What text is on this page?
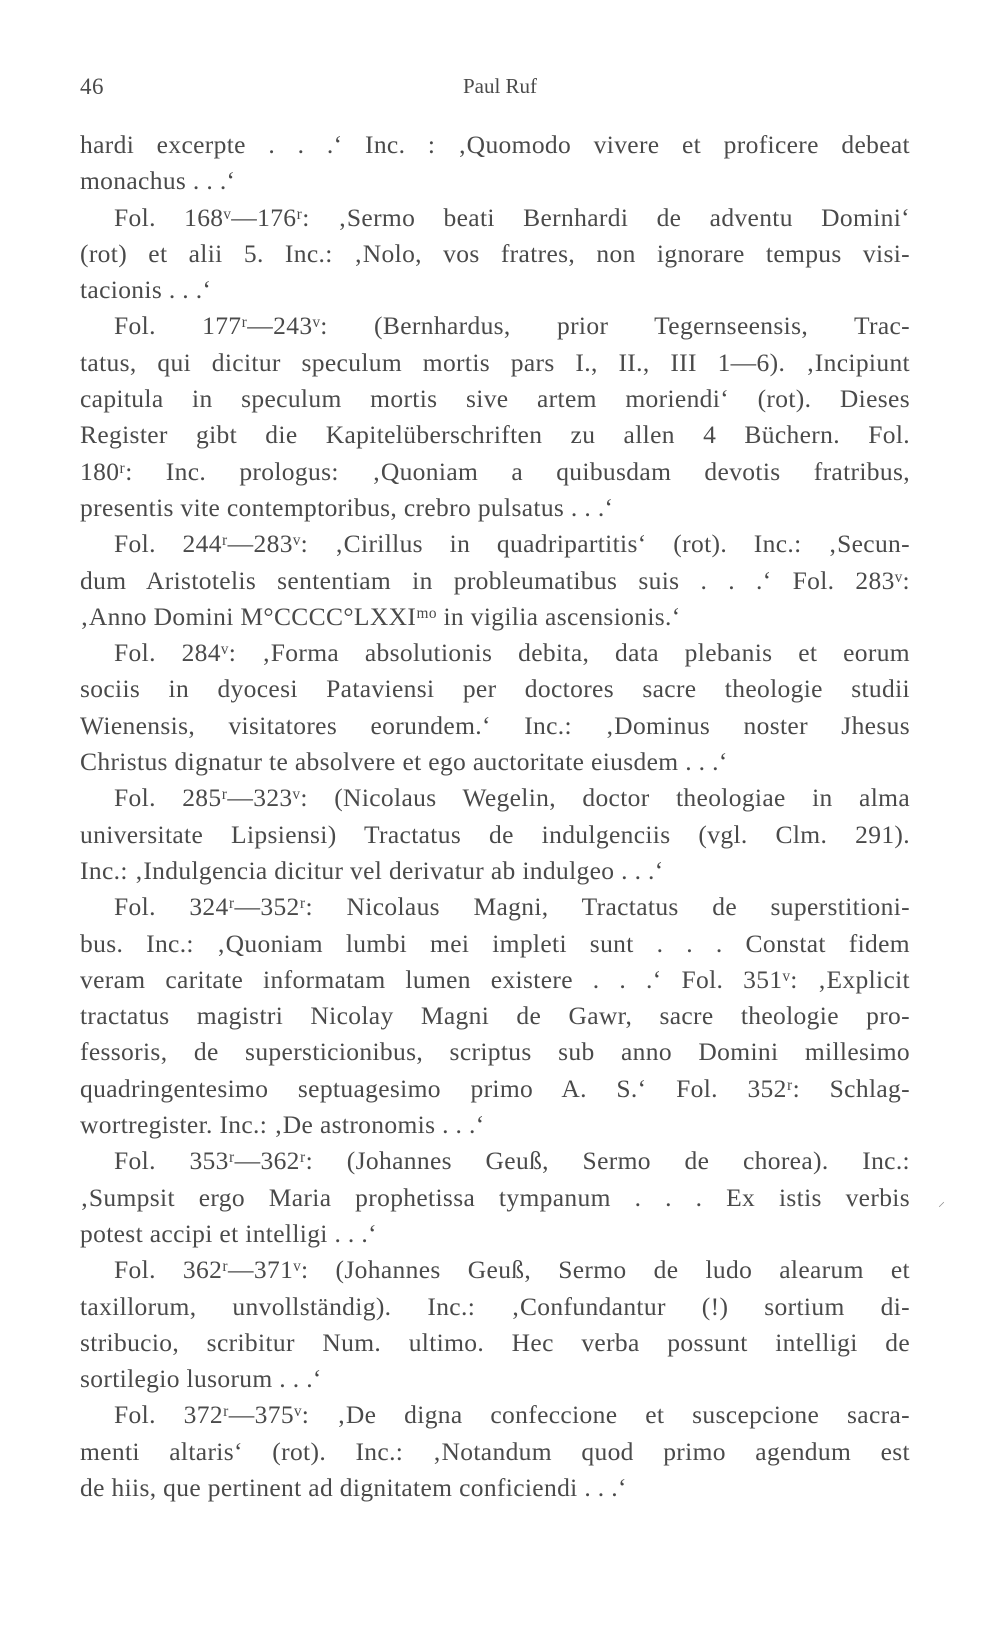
46	Paul Ruf
hardi excerpte . . .‘ Inc. : ‚Quomodo vivere et proficere debeat
monachus . . .‘
Fol. 168ᵛ—176ʳ: ‚Sermo beati Bernhardi de adventu Domini‘
(rot) et alii 5. Inc.: ‚Nolo, vos fratres, non ignorare tempus visi-
tacionis . . .‘
Fol. 177ʳ—243ᵛ: (Bernhardus, prior Tegernseensis, Trac-
tatus, qui dicitur speculum mortis pars I., II., III 1—6). ‚Incipiunt
capitula in speculum mortis sive artem moriendi‘ (rot). Dieses
Register gibt die Kapitelüberschriften zu allen 4 Büchern. Fol.
180ʳ: Inc. prologus: ‚Quoniam a quibusdam devotis fratribus,
presentis vite contemptoribus, crebro pulsatus . . .‘
Fol. 244ʳ—283ᵛ: ‚Cirillus in quadripartitis‘ (rot). Inc.: ‚Secun-
dum Aristotelis sententiam in probleumatibus suis . . .‘ Fol. 283ᵛ:
‚Anno Domini M°CCCC°LXXIᵐᵒ in vigilia ascensionis.‘
Fol. 284ᵛ: ‚Forma absolutionis debita, data plebanis et eorum
sociis in dyocesi Pataviensi per doctores sacre theologie studii
Wienensis, visitatores eorundem.‘ Inc.: ‚Dominus noster Jhesus
Christus dignatur te absolvere et ego auctoritate eiusdem . . .‘
Fol. 285ʳ—323ᵛ: (Nicolaus Wegelin, doctor theologiae in alma
universitate Lipsiensi) Tractatus de indulgenciis (vgl. Clm. 291).
Inc.: ‚Indulgencia dicitur vel derivatur ab indulgeo . . .‘
Fol. 324ʳ—352ʳ: Nicolaus Magni, Tractatus de superstitioni-
bus. Inc.: ‚Quoniam lumbi mei impleti sunt . . . Constat fidem
veram caritate informatam lumen existere . . .‘ Fol. 351ᵛ: ‚Explicit
tractatus magistri Nicolay Magni de Gawr, sacre theologie pro-
fessoris, de supersticionibus, scriptus sub anno Domini millesimo
quadringentesimo septuagesimo primo A. S.‘ Fol. 352ʳ: Schlag-
wortregister. Inc.: ‚De astronomis . . .‘
Fol. 353ʳ—362ʳ: (Johannes Geuß, Sermo de chorea). Inc.:
‚Sumpsit ergo Maria prophetissa tympanum . . . Ex istis verbis
potest accipi et intelligi . . .‘
Fol. 362ʳ—371ᵛ: (Johannes Geuß, Sermo de ludo alearum et
taxillorum, unvollständig). Inc.: ‚Confundantur (!) sortium di-
stribucio, scribitur Num. ultimo. Hec verba possunt intelligi de
sortilegio lusorum . . .‘
Fol. 372ʳ—375ᵛ: ‚De digna confeccione et suscepcione sacra-
menti altaris‘ (rot). Inc.: ‚Notandum quod primo agendum est
de hiis, que pertinent ad dignitatem conficiendi . . .‘
⸝
